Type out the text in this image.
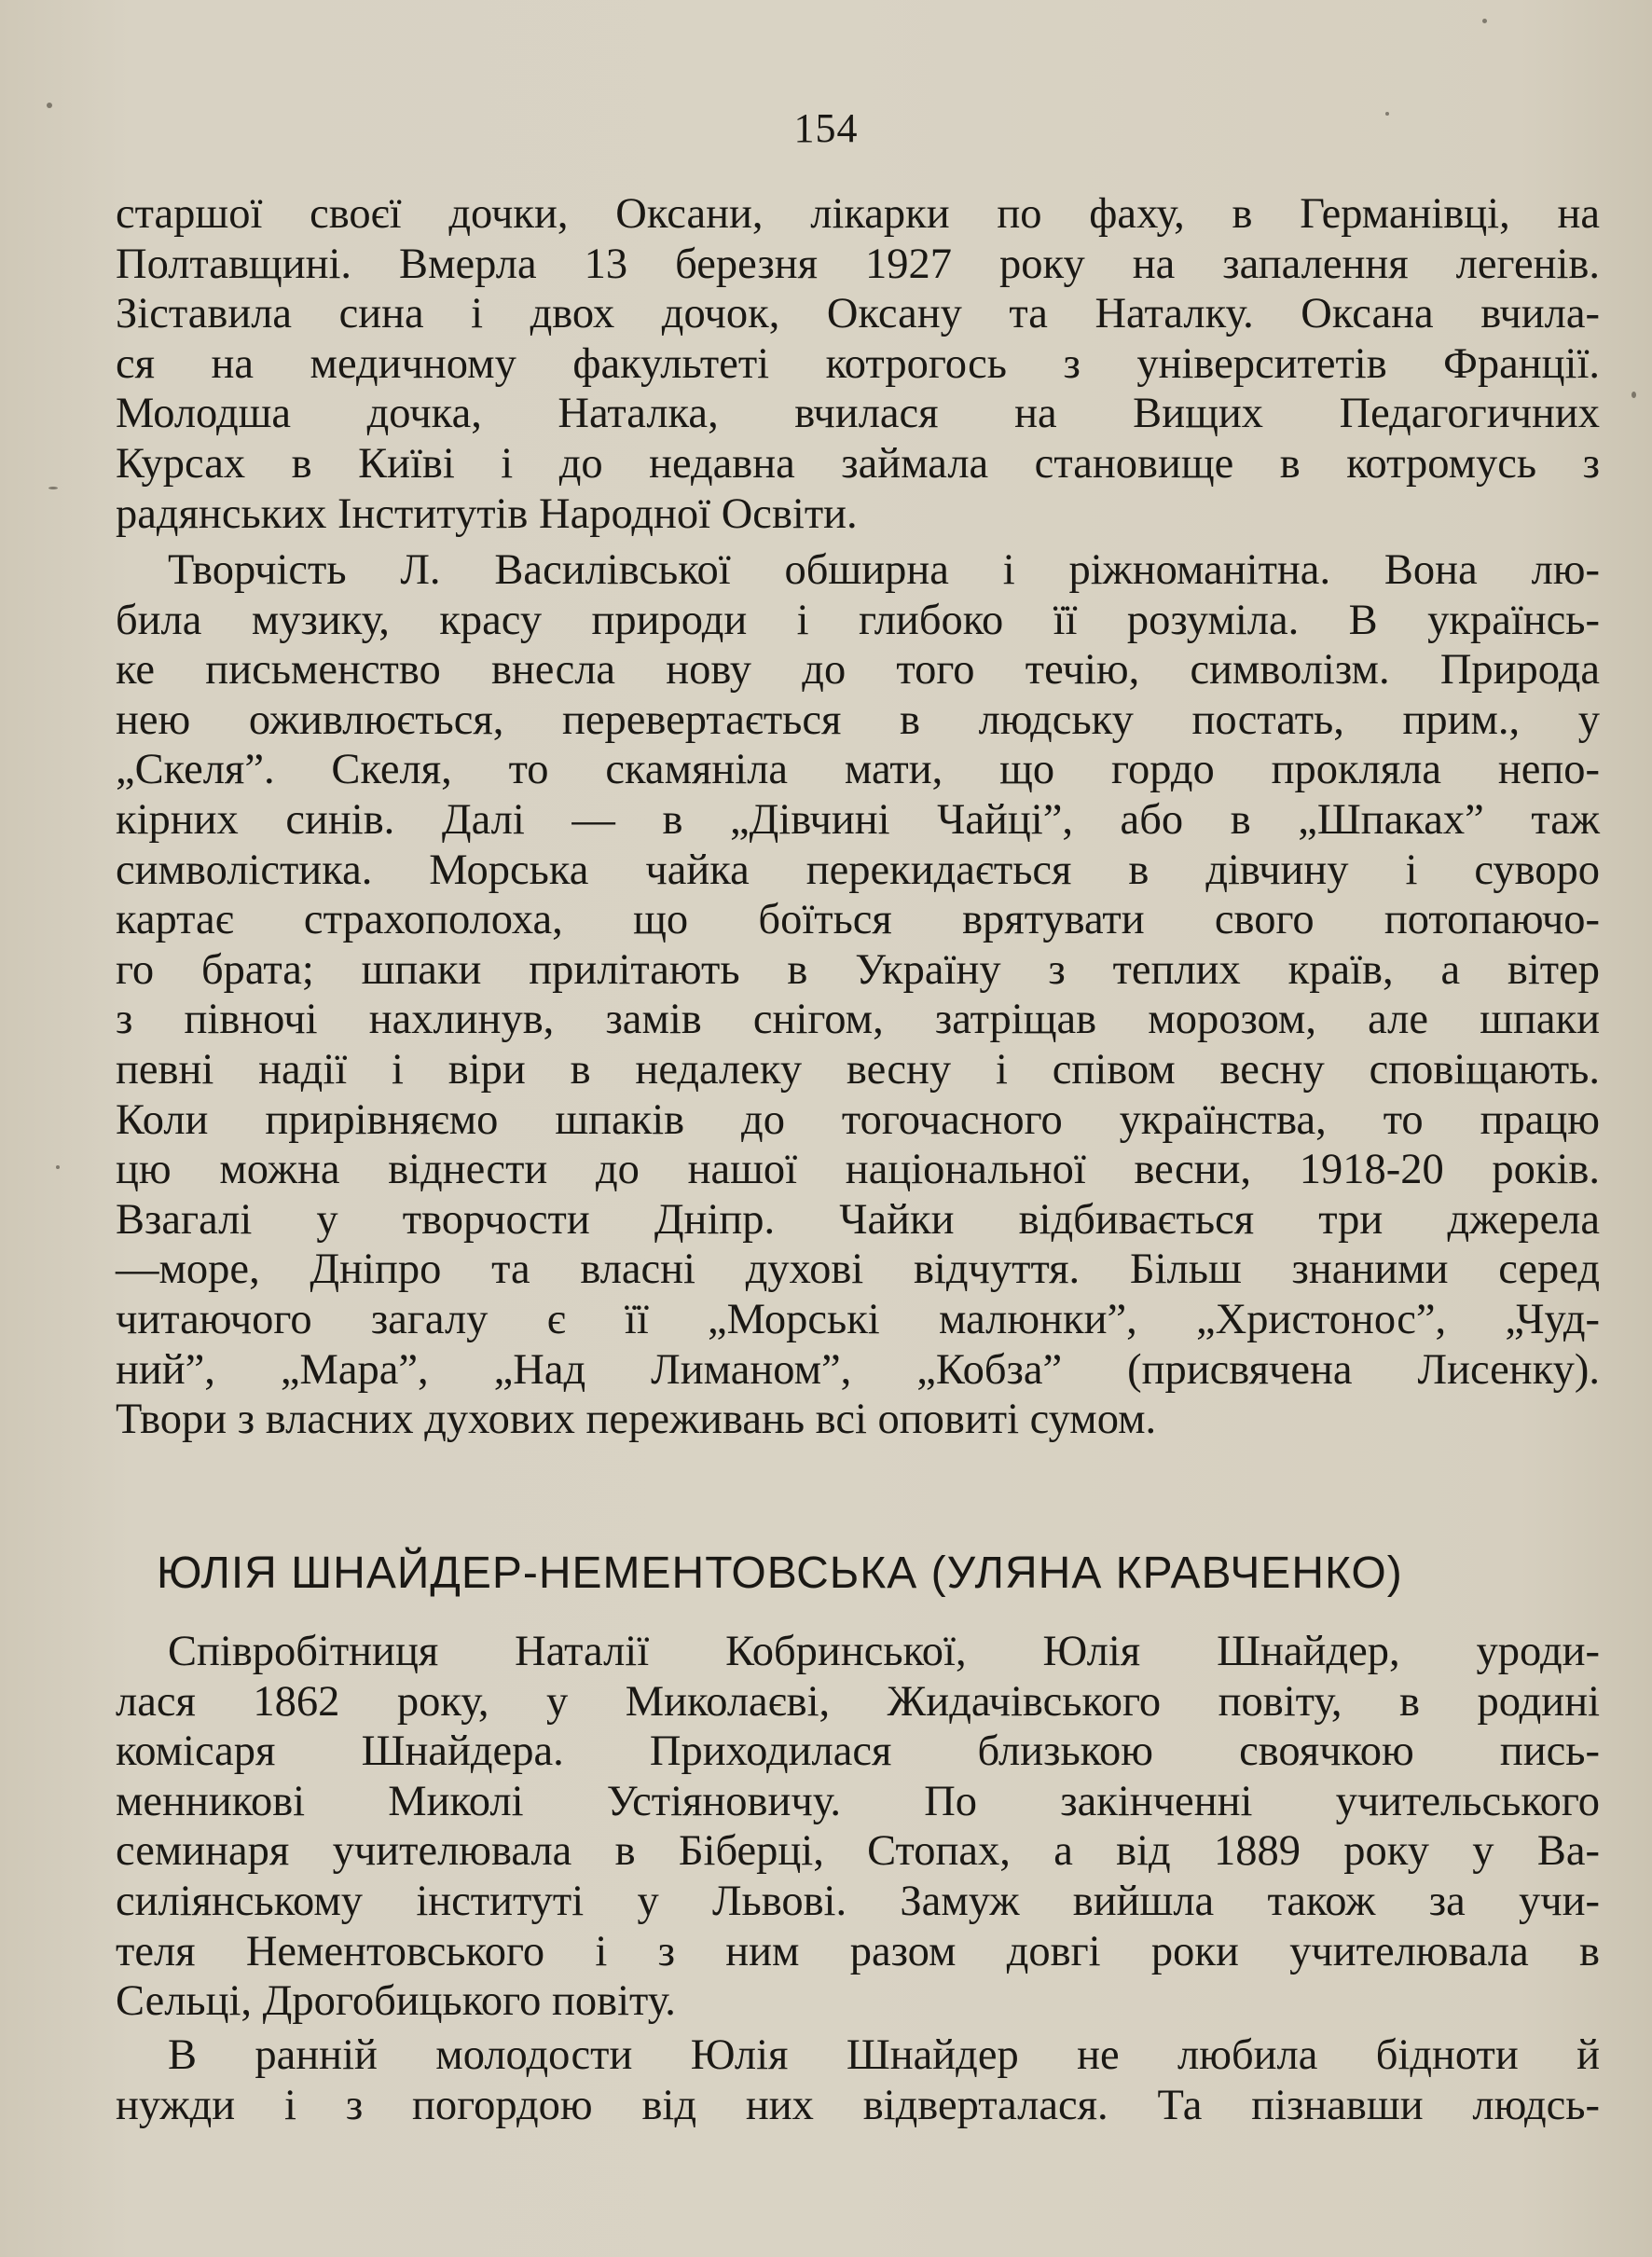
154
старшої своєї дочки, Оксани, лікарки по фаху, в Германівці, на
Полтавщині. Вмерла 13 березня 1927 року на запалення легенів.
Зіставила сина і двох дочок, Оксану та Наталку. Оксана вчила-
ся на медичному факультеті котрогось з університетів Франції.
Молодша дочка, Наталка, вчилася на Вищих Педагогичних
Курсах в Київі і до недавна займала становище в котромусь з
радянських Інститутів Народної Освіти.
Творчість Л. Василівської обширна і ріжноманітна. Вона лю-
била музику, красу природи і глибоко її розуміла. В українсь-
ке письменство внесла нову до того течію, символізм. Природа
нею оживлюється, перевертається в людську постать, прим., у
„Скеля”. Скеля, то скамяніла мати, що гордо прокляла непо-
кірних синів. Далі — в „Дівчині Чайці”, або в „Шпаках” таж
символістика. Морська чайка перекидається в дівчину і суворо
картає страхополоха, що боїться врятувати свого потопаючо-
го брата; шпаки прилітають в Україну з теплих країв, а вітер
з півночі нахлинув, замів снігом, затріщав морозом, але шпаки
певні надії і віри в недалеку весну і співом весну сповіщають.
Коли прирівняємо шпаків до тогочасного українства, то працю
цю можна віднести до нашої національної весни, 1918-20 років.
Взагалі у творчости Дніпр. Чайки відбивається три джерела
—море, Дніпро та власні духові відчуття. Більш знаними серед
читаючого загалу є її „Морські малюнки”, „Христонос”, „Чуд-
ний”, „Мара”, „Над Лиманом”, „Кобза” (присвячена Лисенку).
Твори з власних духових переживань всі оповиті сумом.
ЮЛІЯ ШНАЙДЕР-НЕМЕНТОВСЬКА (УЛЯНА КРАВЧЕНКО)
Співробітниця Наталії Кобринської, Юлія Шнайдер, уроди-
лася 1862 року, у Миколаєві, Жидачівського повіту, в родині
комісаря Шнайдера. Приходилася близькою своячкою пись-
менникові Миколі Устіяновичу. По закінченні учительського
семинаря учителювала в Біберці, Стопах, а від 1889 року у Ва-
силіянському інституті у Львові. Замуж вийшла також за учи-
теля Нементовського і з ним разом довгі роки учителювала в
Сельці, Дрогобицького повіту.
В ранній молодости Юлія Шнайдер не любила бідноти й
нужди і з погордою від них відверталася. Та пізнавши людсь-
